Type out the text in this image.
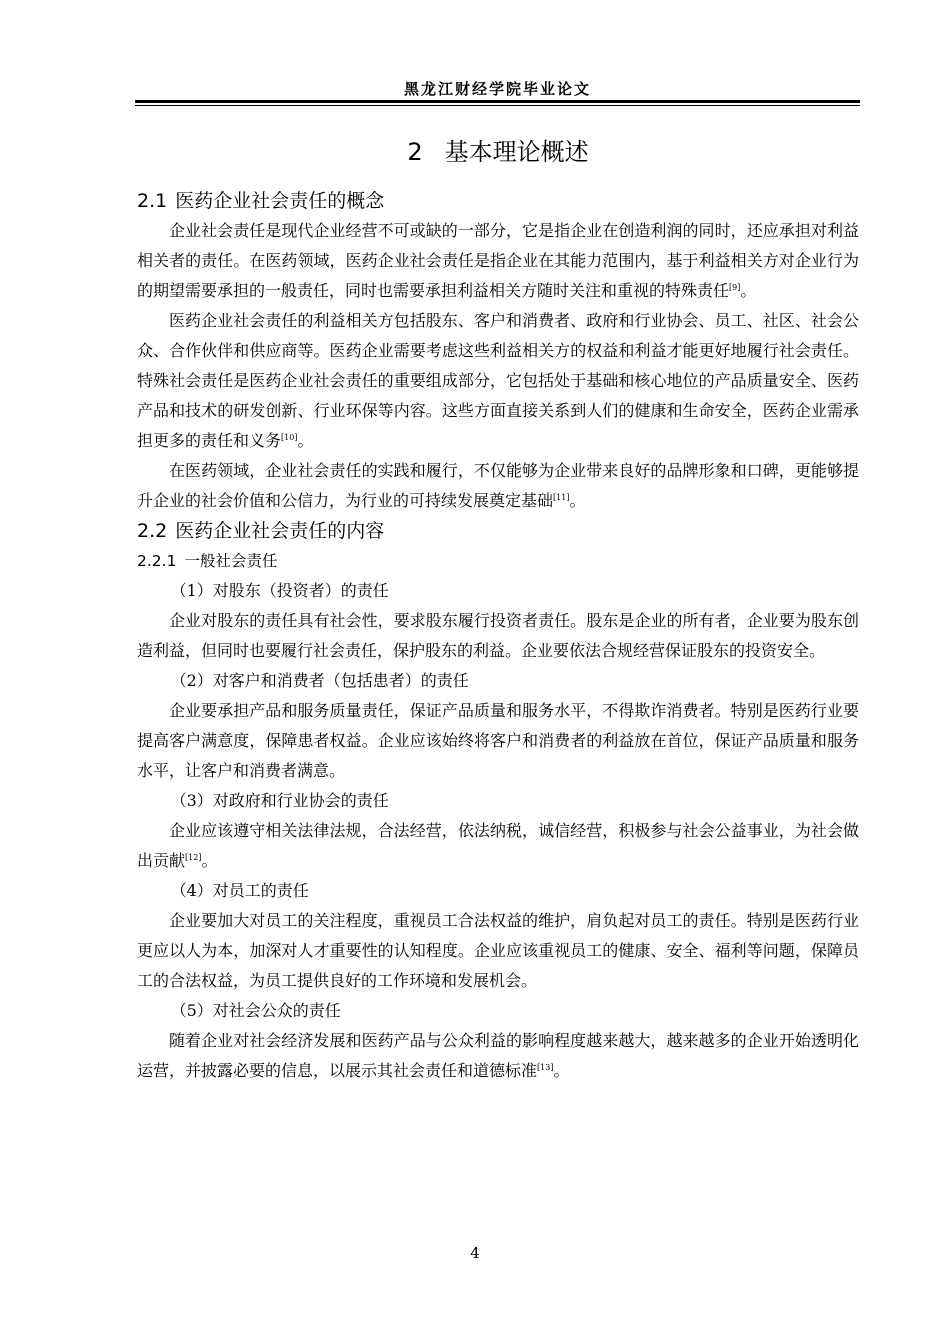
黑龙江财经学院毕业论文
2 基本理论概述
2.1 医药企业社会责任的概念

企业社会责任是现代企业经营不可或缺的一部分，它是指企业在创造利润的同时，还应承担对利益相关者的责任。在医药领域，医药企业社会责任是指企业在其能力范围内，基于利益相关方对企业行为的期望需要承担的一般责任，同时也需要承担利益相关方随时关注和重视的特殊责任[9]。

医药企业社会责任的利益相关方包括股东、客户和消费者、政府和行业协会、员工、社区、社会公众、合作伙伴和供应商等。医药企业需要考虑这些利益相关方的权益和利益才能更好地履行社会责任。特殊社会责任是医药企业社会责任的重要组成部分，它包括处于基础和核心地位的产品质量安全、医药产品和技术的研发创新、行业环保等内容。这些方面直接关系到人们的健康和生命安全，医药企业需承担更多的责任和义务[10]。

在医药领域，企业社会责任的实践和履行，不仅能够为企业带来良好的品牌形象和口碑，更能够提升企业的社会价值和公信力，为行业的可持续发展奠定基础[11]。

2.2 医药企业社会责任的内容
2.2.1 一般社会责任

（1）对股东（投资者）的责任

企业对股东的责任具有社会性，要求股东履行投资者责任。股东是企业的所有者，企业要为股东创造利益，但同时也要履行社会责任，保护股东的利益。企业要依法合规经营保证股东的投资安全。

（2）对客户和消费者（包括患者）的责任

企业要承担产品和服务质量责任，保证产品质量和服务水平，不得欺诈消费者。特别是医药行业要提高客户满意度，保障患者权益。企业应该始终将客户和消费者的利益放在首位，保证产品质量和服务水平，让客户和消费者满意。

（3）对政府和行业协会的责任

企业应该遵守相关法律法规，合法经营，依法纳税，诚信经营，积极参与社会公益事业，为社会做出贡献[12]。

（4）对员工的责任

企业要加大对员工的关注程度，重视员工合法权益的维护，肩负起对员工的责任。特别是医药行业更应以人为本，加深对人才重要性的认知程度。企业应该重视员工的健康、安全、福利等问题，保障员工的合法权益，为员工提供良好的工作环境和发展机会。

（5）对社会公众的责任

随着企业对社会经济发展和医药产品与公众利益的影响程度越来越大，越来越多的企业开始透明化运营，并披露必要的信息，以展示其社会责任和道德标准[13]。

4
